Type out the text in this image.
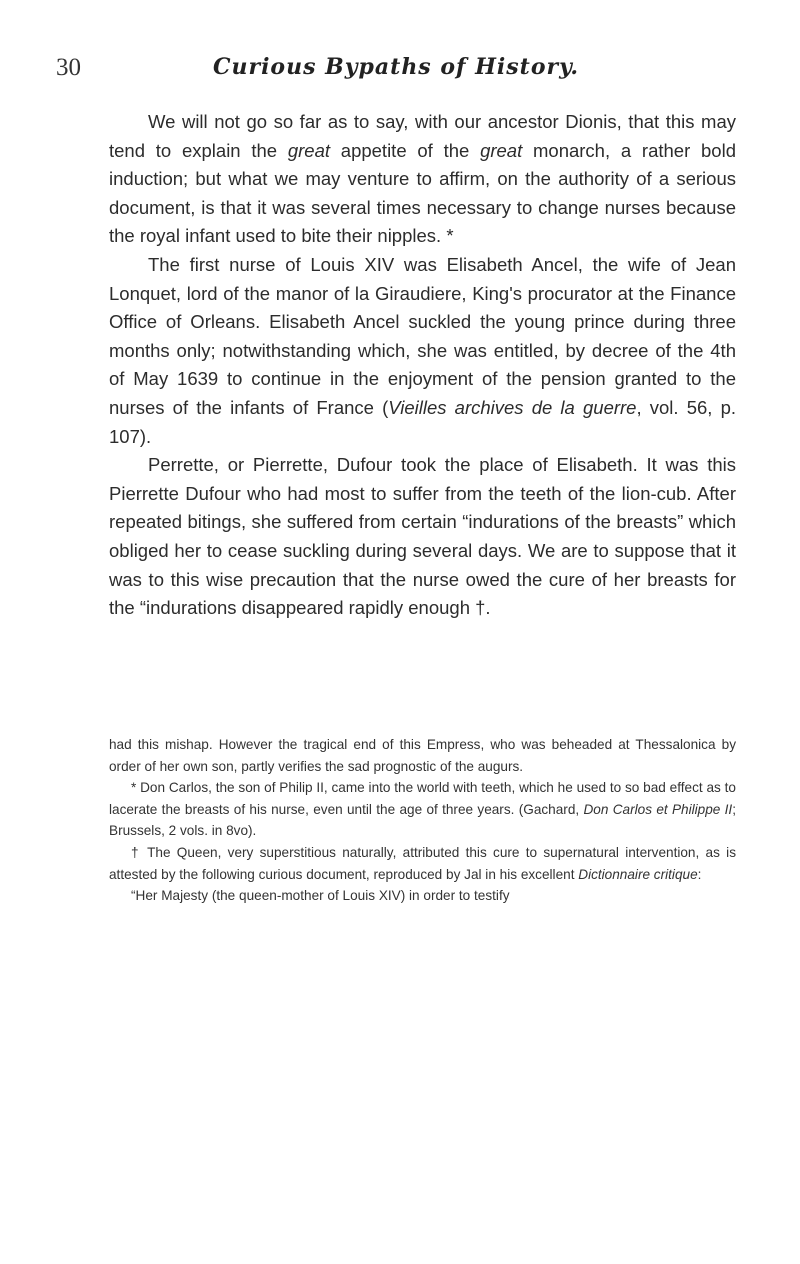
30	Curious Bypaths of History.

We will not go so far as to say, with our ancestor Dionis, that this may tend to explain the great appetite of the great monarch, a rather bold induction; but what we may venture to affirm, on the authority of a serious document, is that it was several times necessary to change nurses because the royal infant used to bite their nipples. *

The first nurse of Louis XIV was Elisabeth Ancel, the wife of Jean Lonquet, lord of the manor of la Giraudiere, King's procurator at the Finance Office of Orleans. Elisabeth Ancel suckled the young prince during three months only; notwithstanding which, she was entitled, by decree of the 4th of May 1639 to continue in the enjoyment of the pension granted to the nurses of the infants of France (Vieilles archives de la guerre, vol. 56, p. 107).

Perrette, or Pierrette, Dufour took the place of Elisabeth. It was this Pierrette Dufour who had most to suffer from the teeth of the lion-cub. After repeated bitings, she suffered from certain “indurations of the breasts” which obliged her to cease suckling during several days. We are to suppose that it was to this wise precaution that the nurse owed the cure of her breasts for the “indurations disappeared rapidly enough †.

had this mishap. However the tragical end of this Empress, who was beheaded at Thessalonica by order of her own son, partly verifies the sad prognostic of the augurs.

* Don Carlos, the son of Philip II, came into the world with teeth, which he used to so bad effect as to lacerate the breasts of his nurse, even until the age of three years. (Gachard, Don Carlos et Philippe II; Brussels, 2 vols. in 8vo).

† The Queen, very superstitious naturally, attributed this cure to supernatural intervention, as is attested by the following curious document, reproduced by Jal in his excellent Dictionnaire critique:

“Her Majesty (the queen-mother of Louis XIV) in order to testify
